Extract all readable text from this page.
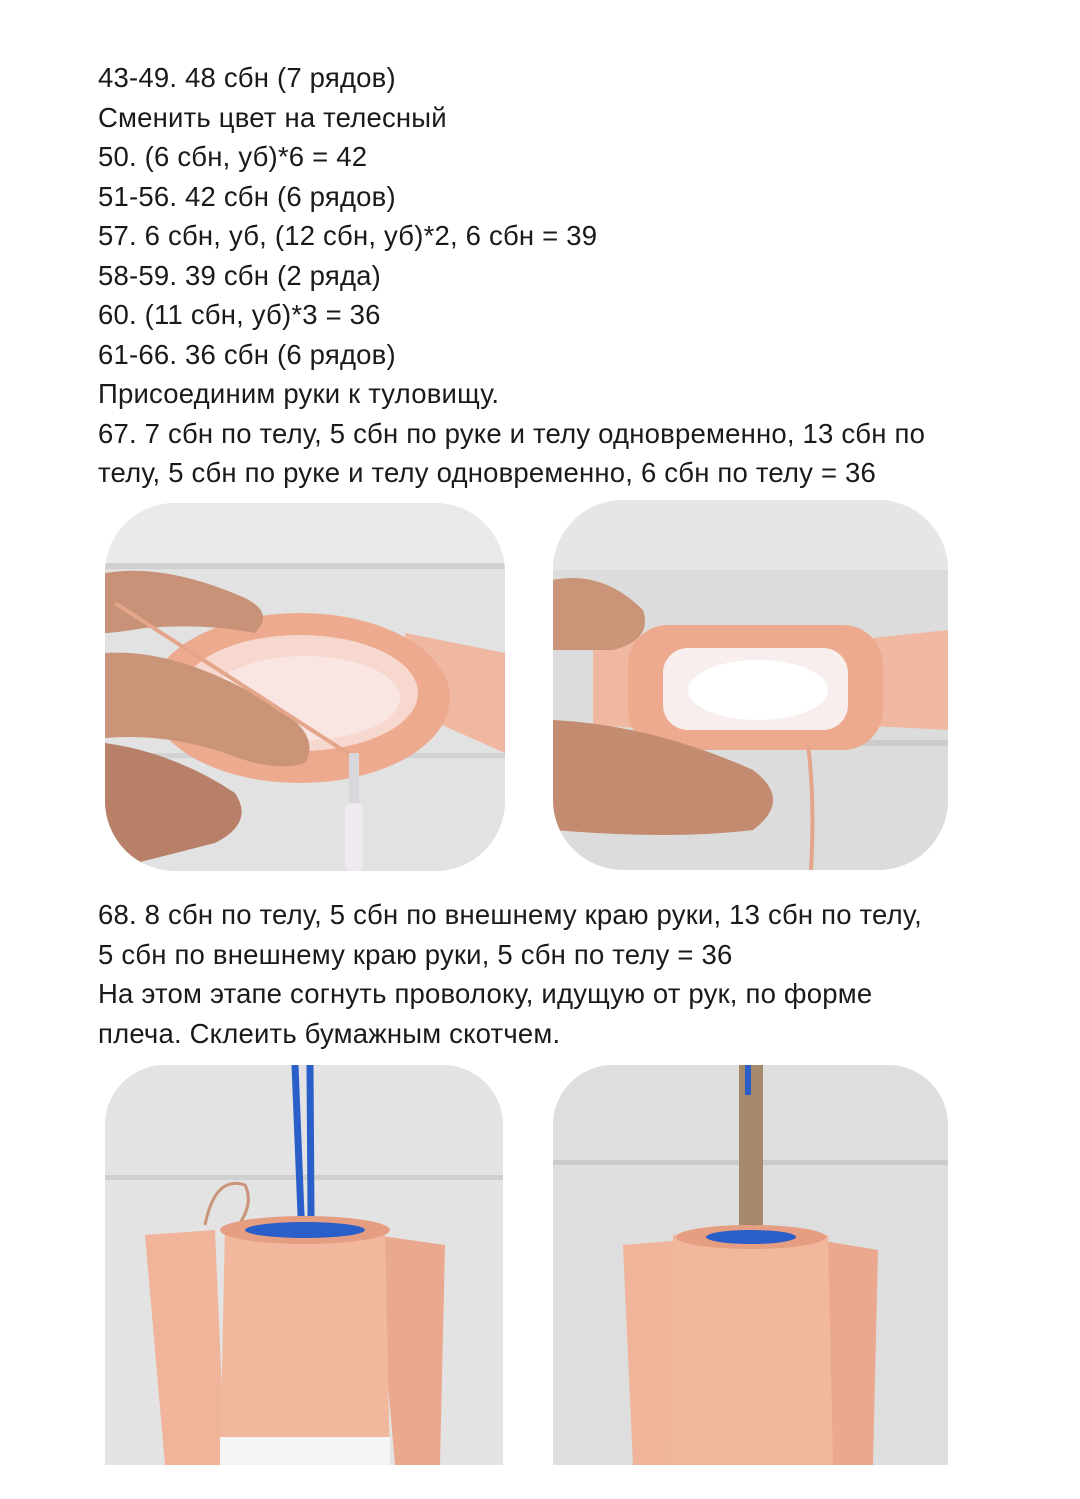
43-49. 48 сбн (7 рядов)

Сменить цвет на телесный

50. (6 сбн, уб)*6 = 42

51-56. 42 сбн (6 рядов)

57. 6 сбн, уб, (12 сбн, уб)*2, 6 сбн = 39

58-59. 39 сбн (2 ряда)

60. (11 сбн, уб)*3 = 36

61-66. 36 сбн (6 рядов)

Присоединим руки к туловищу.

67. 7 сбн по телу, 5 сбн по руке и телу одновременно, 13 сбн по

телу, 5 сбн по руке и телу одновременно, 6 сбн по телу = 36

68. 8 сбн по телу, 5 сбн по внешнему краю руки, 13 сбн по телу,

5 сбн по внешнему краю руки, 5 сбн по телу = 36

На этом этапе согнуть проволоку, идущую от рук, по форме

плеча. Склеить бумажным скотчем.
